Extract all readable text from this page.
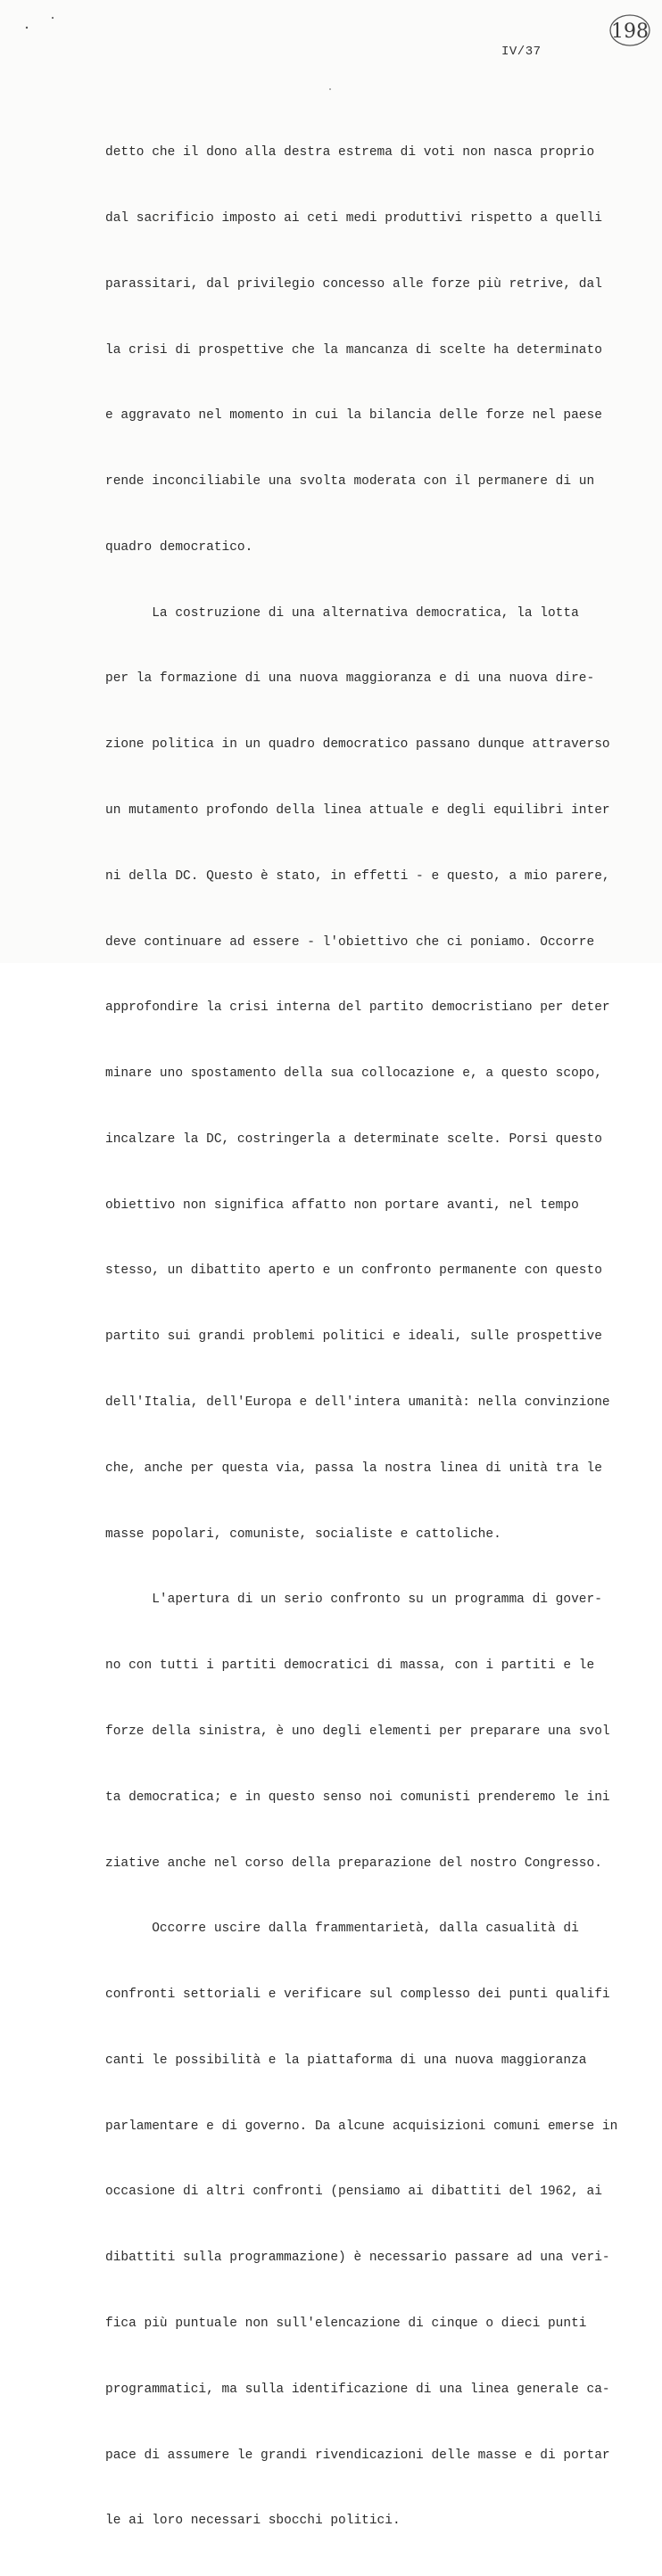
IV/37
198

detto che il dono alla destra estrema di voti non nasca proprio

dal sacrificio imposto ai ceti medi produttivi rispetto a quelli

parassitari, dal privilegio concesso alle forze più retrive, dal

la crisi di prospettive che la mancanza di scelte ha determinato

e aggravato nel momento in cui la bilancia delle forze nel paese

rende inconciliabile una svolta moderata con il permanere di un

quadro democratico.

La costruzione di una alternativa democratica, la lotta

per la formazione di una nuova maggioranza e di una nuova dire-

zione politica in un quadro democratico passano dunque attraverso

un mutamento profondo della linea attuale e degli equilibri inter

ni della DC. Questo è stato, in effetti - e questo, a mio parere,

deve continuare ad essere - l'obiettivo che ci poniamo. Occorre

approfondire la crisi interna del partito democristiano per deter

minare uno spostamento della sua collocazione e, a questo scopo,

incalzare la DC, costringerla a determinate scelte. Porsi questo

obiettivo non significa affatto non portare avanti, nel tempo

stesso, un dibattito aperto e un confronto permanente con questo

partito sui grandi problemi politici e ideali, sulle prospettive

dell'Italia, dell'Europa e dell'intera umanità: nella convinzione

che, anche per questa via, passa la nostra linea di unità tra le

masse popolari, comuniste, socialiste e cattoliche.

L'apertura di un serio confronto su un programma di gover-

no con tutti i partiti democratici di massa, con i partiti e le

forze della sinistra, è uno degli elementi per preparare una svol

ta democratica; e in questo senso noi comunisti prenderemo le ini

ziative anche nel corso della preparazione del nostro Congresso.

Occorre uscire dalla frammentarietà, dalla casualità di

confronti settoriali e verificare sul complesso dei punti qualifi

canti le possibilità e la piattaforma di una nuova maggioranza

parlamentare e di governo. Da alcune acquisizioni comuni emerse in

occasione di altri confronti (pensiamo ai dibattiti del 1962, ai

dibattiti sulla programmazione) è necessario passare ad una veri-

fica più puntuale non sull'elencazione di cinque o dieci punti

programmatici, ma sulla identificazione di una linea generale ca-

pace di assumere le grandi rivendicazioni delle masse e di portar

le ai loro necessari sbocchi politici.
